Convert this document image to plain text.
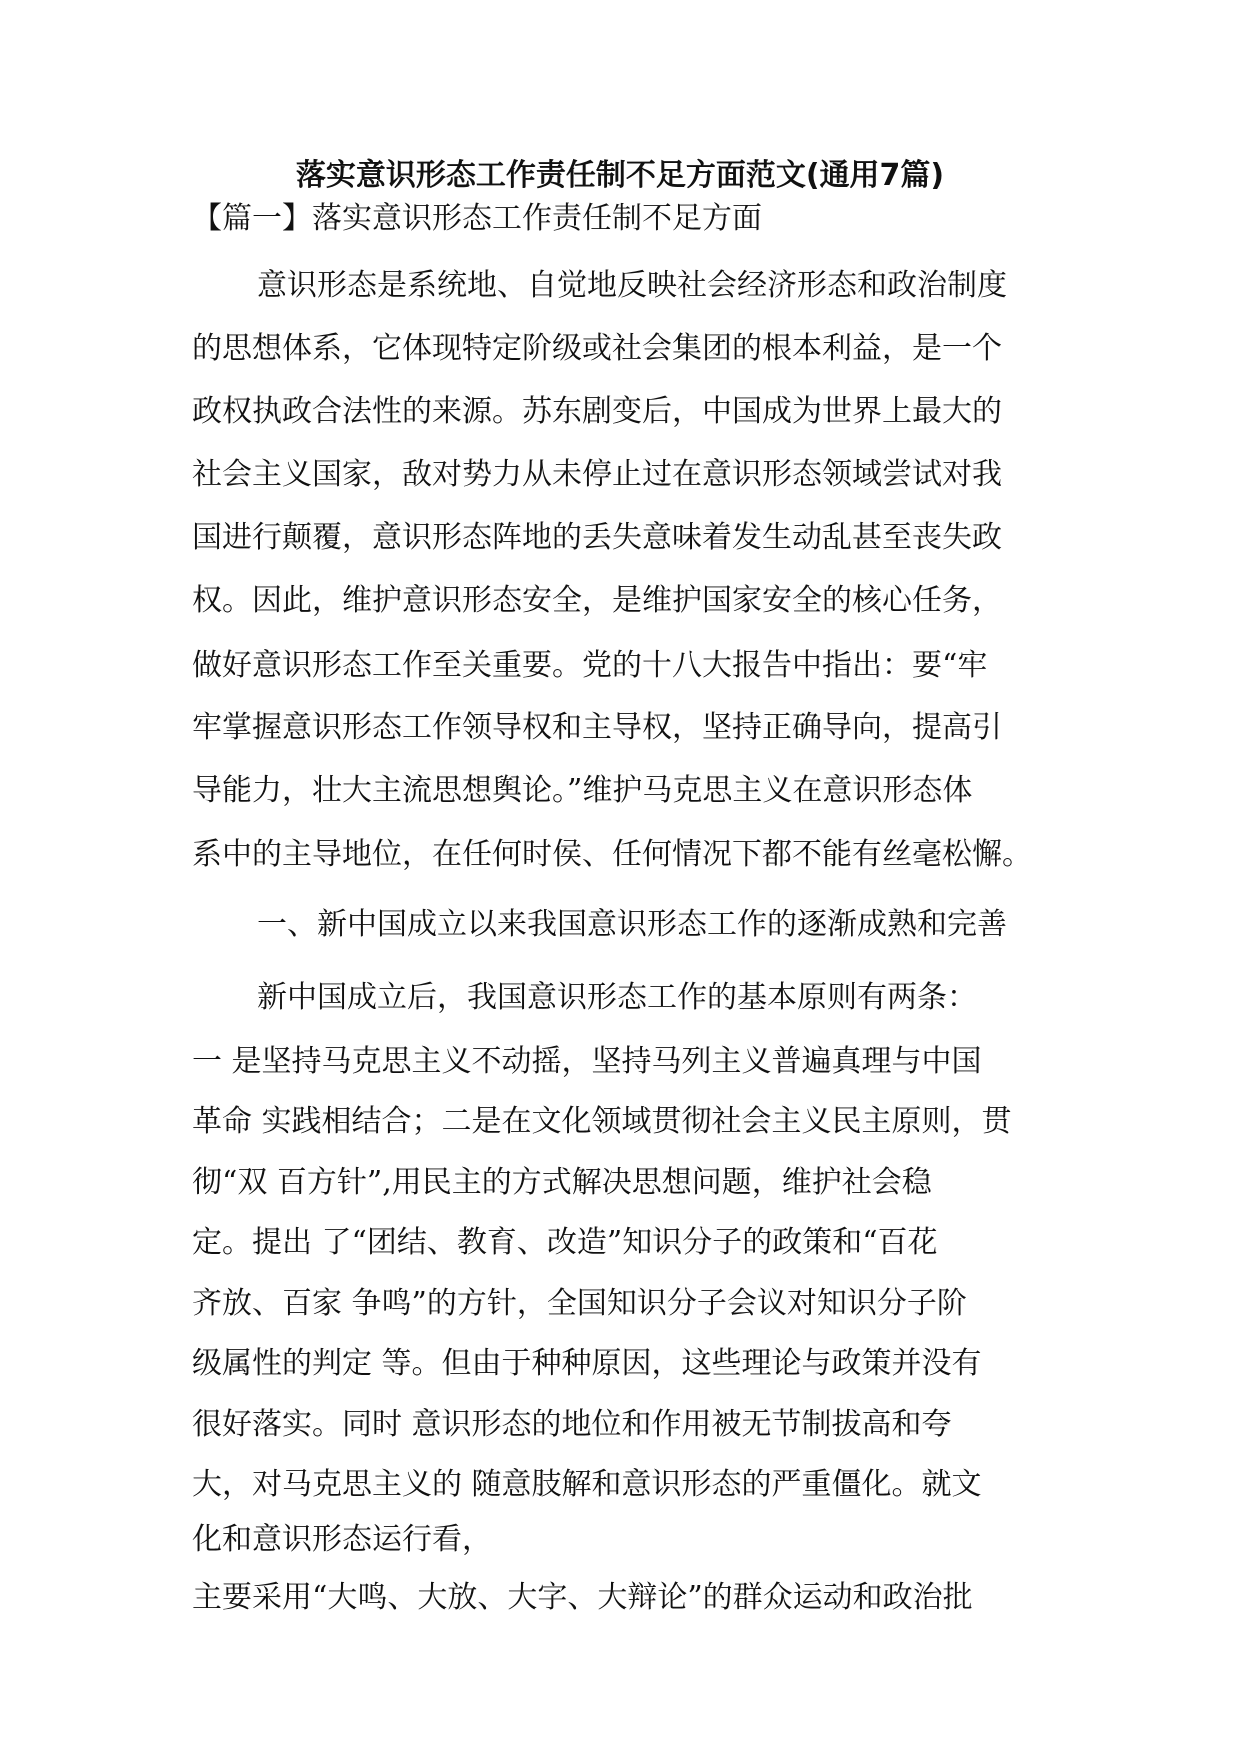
落实意识形态工作责任制不足方面范文(通用7篇)
【篇一】落实意识形态工作责任制不足方面
意识形态是系统地、自觉地反映社会经济形态和政治制度
的思想体系，它体现特定阶级或社会集团的根本利益，是一个
政权执政合法性的来源。苏东剧变后，中国成为世界上最大的
社会主义国家，敌对势力从未停止过在意识形态领域尝试对我
国进行颠覆，意识形态阵地的丢失意味着发生动乱甚至丧失政
权。因此，维护意识形态安全，是维护国家安全的核心任务，
做好意识形态工作至关重要。党的十八大报告中指出：要“牢
牢掌握意识形态工作领导权和主导权，坚持正确导向，提高引
导能力，壮大主流思想舆论。”维护马克思主义在意识形态体
系中的主导地位，在任何时侯、任何情况下都不能有丝毫松懈。
一、新中国成立以来我国意识形态工作的逐渐成熟和完善
新中国成立后，我国意识形态工作的基本原则有两条：
一 是坚持马克思主义不动摇，坚持马列主义普遍真理与中国
革命 实践相结合；二是在文化领域贯彻社会主义民主原则，贯
彻“双 百方针”,用民主的方式解决思想问题，维护社会稳
定。提出 了“团结、教育、改造”知识分子的政策和“百花
齐放、百家 争鸣”的方针，全国知识分子会议对知识分子阶
级属性的判定 等。但由于种种原因，这些理论与政策并没有
很好落实。同时 意识形态的地位和作用被无节制拔高和夸
大，对马克思主义的 随意肢解和意识形态的严重僵化。就文
化和意识形态运行看，
主要采用“大鸣、大放、大字、大辩论”的群众运动和政治批
